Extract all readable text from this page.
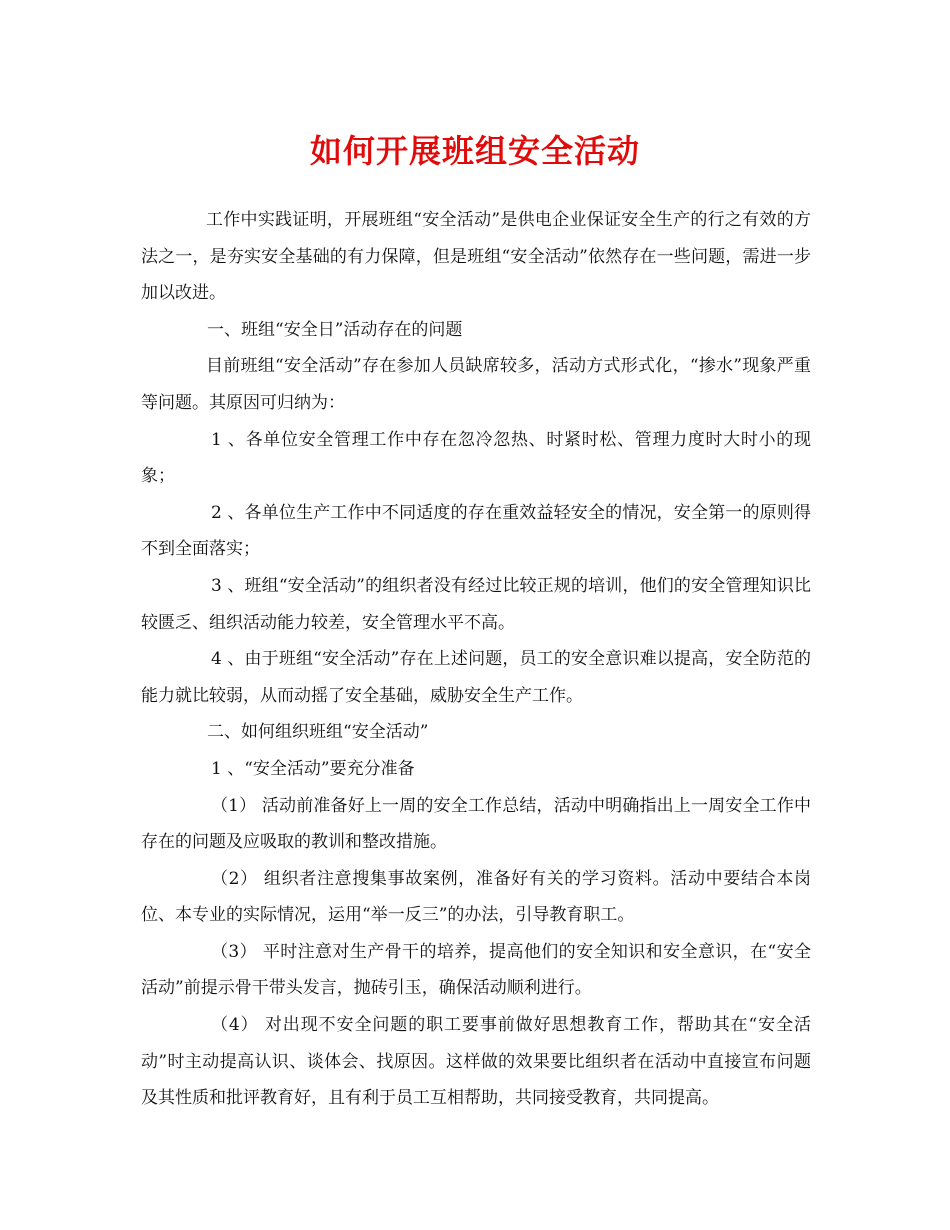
如何开展班组安全活动

工作中实践证明，开展班组“安全活动”是供电企业保证安全生产的行之有效的方法之一，是夯实安全基础的有力保障，但是班组“安全活动”依然存在一些问题，需进一步加以改进。

一、班组“安全日”活动存在的问题

目前班组“安全活动”存在参加人员缺席较多，活动方式形式化，“掺水”现象严重等问题。其原因可归纳为：

1 、各单位安全管理工作中存在忽冷忽热、时紧时松、管理力度时大时小的现象；

2 、各单位生产工作中不同适度的存在重效益轻安全的情况，安全第一的原则得不到全面落实；

3 、班组“安全活动”的组织者没有经过比较正规的培训，他们的安全管理知识比较匮乏、组织活动能力较差，安全管理水平不高。

4 、由于班组“安全活动”存在上述问题，员工的安全意识难以提高，安全防范的能力就比较弱，从而动摇了安全基础，威胁安全生产工作。

二、如何组织班组“安全活动”

1 、“安全活动”要充分准备

（1） 活动前准备好上一周的安全工作总结，活动中明确指出上一周安全工作中存在的问题及应吸取的教训和整改措施。

（2） 组织者注意搜集事故案例，准备好有关的学习资料。活动中要结合本岗位、本专业的实际情况，运用“举一反三”的办法，引导教育职工。

（3） 平时注意对生产骨干的培养，提高他们的安全知识和安全意识，在“安全活动”前提示骨干带头发言，抛砖引玉，确保活动顺利进行。

（4） 对出现不安全问题的职工要事前做好思想教育工作，帮助其在“安全活动”时主动提高认识、谈体会、找原因。这样做的效果要比组织者在活动中直接宣布问题及其性质和批评教育好，且有利于员工互相帮助，共同接受教育，共同提高。
